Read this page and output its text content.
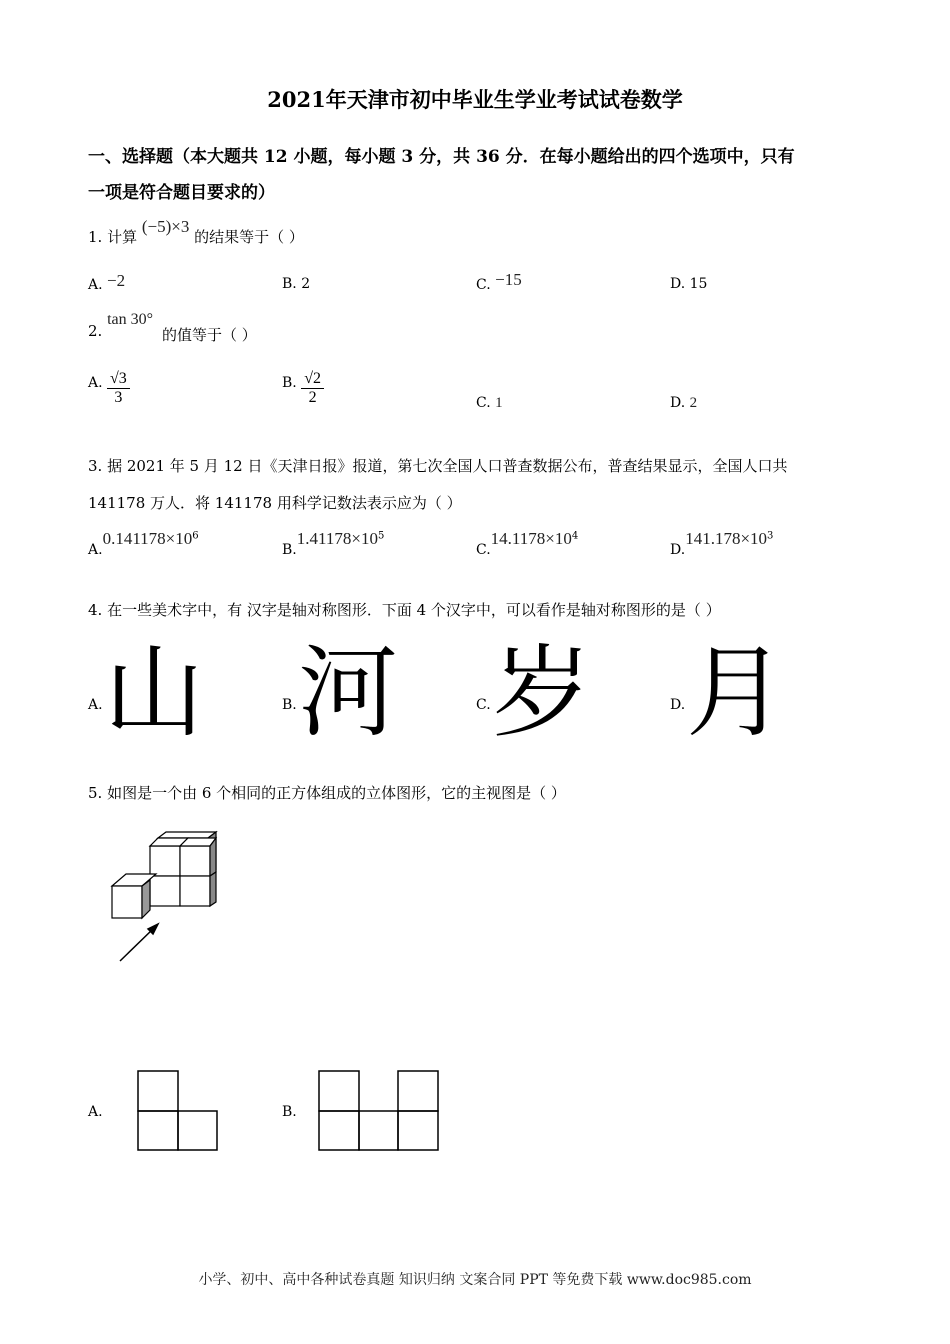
2021年天津市初中毕业生学业考试试卷数学
一、选择题（本大题共 12 小题，每小题 3 分，共 36 分．在每小题给出的四个选项中，只有
一项是符合题目要求的）
1. 计算 (−5)×3 的结果等于（ ）
A. −2	B. 2	C. −15	D. 15
2. tan 30°
的值等于（ ）
A. $\frac{√3}{3}$	B. $\frac{√2}{2}$	C. 1	D. 2
3. 据 2021 年 5 月 12 日《天津日报》报道，第七次全国人口普查数据公布，普查结果显示，全国人口共
141178 万人．将 141178 用科学记数法表示应为（ ）
$A.0.141178\times 10^6$
$B.1.41178\times 10^5$
$C.14.1178\times 10^4$
$D.141.178\times 10^3$
4. 在一些美术字中，有 汉字是轴对称图形．下面 4 个汉字中，可以看作是轴对称图形的是（ ）
A. 山	B. 河	C. 岁	D. 月
5. 如图是一个由 6 个相同的正方体组成的立体图形，它的主视图是（ ）
A.	B.
小学、初中、高中各种试卷真题 知识归纳 文案合同 PPT 等免费下载 www.doc985.com
